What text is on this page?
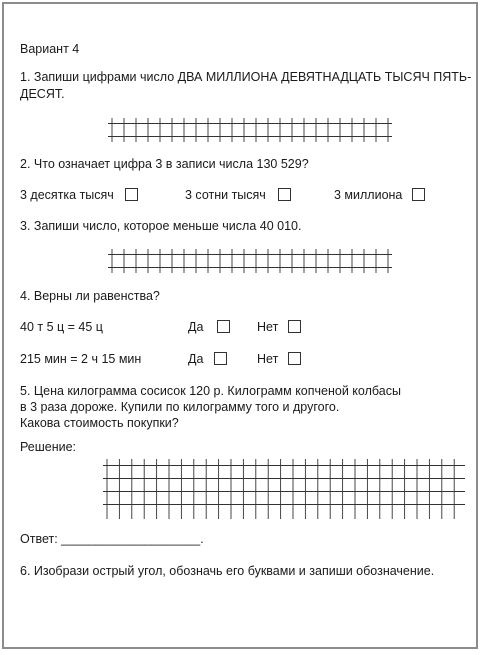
Вариант 4
1. Запиши цифрами число ДВА МИЛЛИОНА ДЕВЯТНАДЦАТЬ ТЫСЯЧ ПЯТЬ-
ДЕСЯТ.
2. Что означает цифра 3 в записи числа 130 529?
3 десятка тысяч	3 сотни тысяч	3 миллиона
3. Запиши число, которое меньше числа 40 010.
4. Верны ли равенства?
40 т 5 ц = 45 ц	Да	Нет
215 мин = 2 ч 15 мин	Да	Нет
5. Цена килограмма сосисок 120 р. Килограмм копченой колбасы
в 3 раза дороже. Купили по килограмму того и другого.
Какова стоимость покупки?
Решение:
Ответ: ____________________.
6. Изобрази острый угол, обозначь его буквами и запиши обозначение.
